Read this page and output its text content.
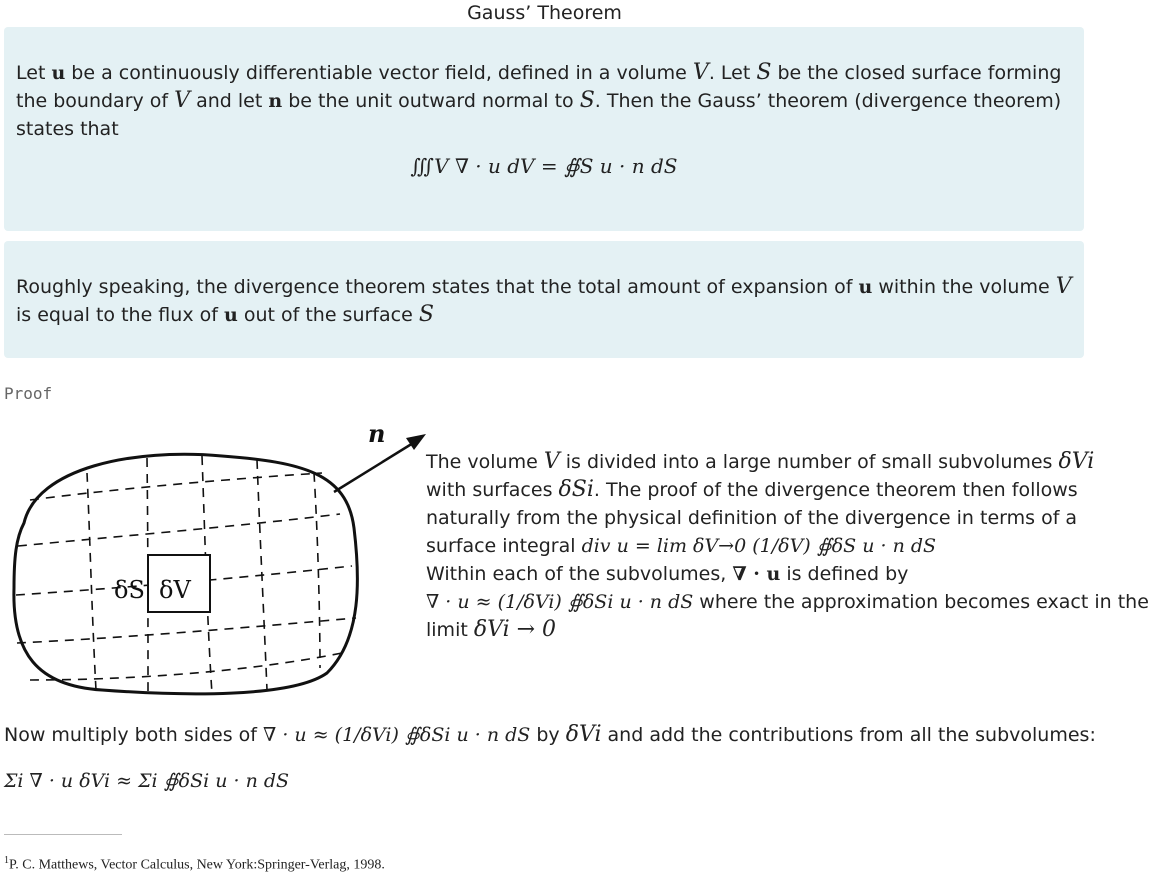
Gauss’ Theorem
Let u be a continuously differentiable vector field, defined in a volume V. Let S be the closed surface forming the boundary of V and let n be the unit outward normal to S. Then the Gauss’ theorem (divergence theorem) states that
∭V ∇ · u dV = ∯S u · n dS
Roughly speaking, the divergence theorem states that the total amount of expansion of u within the volume V is equal to the flux of u out of the surface S
Proof
δS δV
n
The volume V is divided into a large number of small subvolumes δVi
with surfaces δSi. The proof of the divergence theorem then follows
naturally from the physical definition of the divergence in terms of a
surface integral div u = lim δV→0 (1/δV) ∯δS u · n dS
Within each of the subvolumes, ∇ · u is defined by
∇ · u ≈ (1/δVi) ∯δSi u · n dS where the approximation becomes exact in the
limit δVi → 0
Now multiply both sides of ∇ · u ≈ (1/δVi) ∯δSi u · n dS by δVi and add the contributions from all the subvolumes:
Σi ∇ · u δVi ≈ Σi ∯δSi u · n dS
$^1$P. C. Matthews, Vector Calculus, New York:Springer-Verlag, 1998.
